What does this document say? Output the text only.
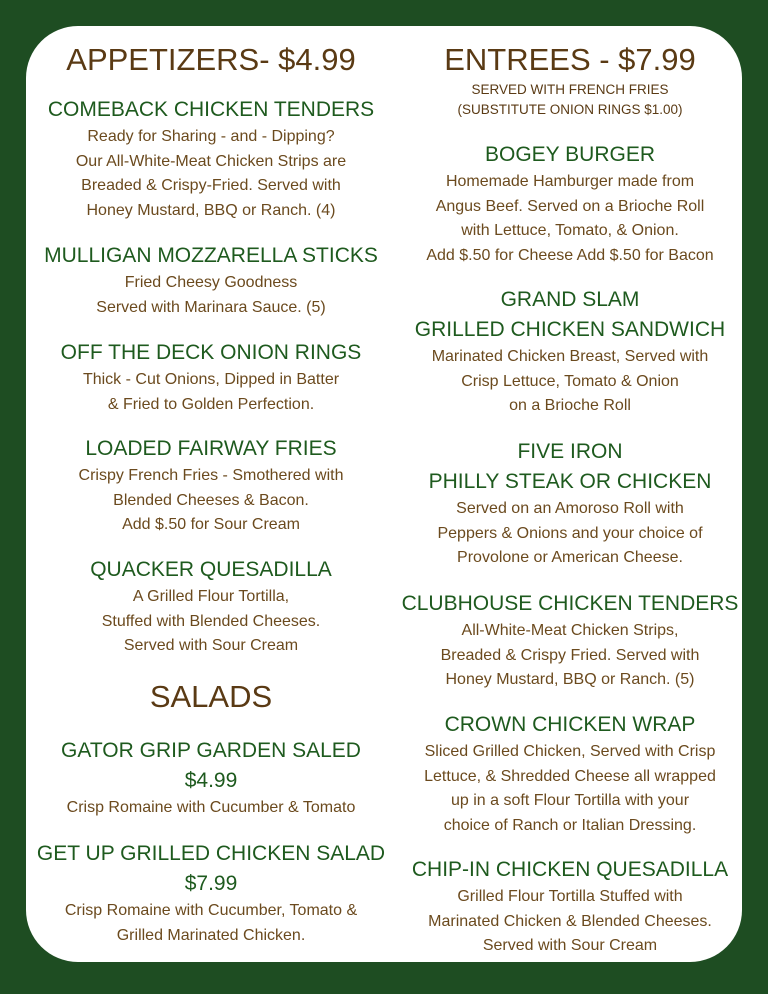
APPETIZERS- $4.99
COMEBACK CHICKEN TENDERS
Ready for Sharing - and - Dipping?
Our All-White-Meat Chicken Strips are
Breaded & Crispy-Fried. Served with
Honey Mustard, BBQ or Ranch. (4)
MULLIGAN MOZZARELLA STICKS
Fried Cheesy Goodness
Served with Marinara Sauce. (5)
OFF THE DECK ONION RINGS
Thick - Cut Onions, Dipped in Batter
& Fried to Golden Perfection.
LOADED FAIRWAY FRIES
Crispy French Fries - Smothered with
Blended Cheeses & Bacon.
Add $.50 for Sour Cream
QUACKER QUESADILLA
A Grilled Flour Tortilla,
Stuffed with Blended Cheeses.
Served with Sour Cream
SALADS
GATOR GRIP GARDEN SALED
$4.99
Crisp Romaine with Cucumber & Tomato
GET UP GRILLED CHICKEN SALAD
$7.99
Crisp Romaine with Cucumber, Tomato &
Grilled Marinated Chicken.
ENTREES - $7.99
SERVED WITH FRENCH FRIES
(SUBSTITUTE ONION RINGS $1.00)
BOGEY BURGER
Homemade Hamburger made from
Angus Beef. Served on a Brioche Roll
with Lettuce, Tomato, & Onion.
Add $.50 for Cheese Add $.50 for Bacon
GRAND SLAM
GRILLED CHICKEN SANDWICH
Marinated Chicken Breast, Served with
Crisp Lettuce, Tomato & Onion
on a Brioche Roll
FIVE IRON
PHILLY STEAK OR CHICKEN
Served on an Amoroso Roll with
Peppers & Onions and your choice of
Provolone or American Cheese.
CLUBHOUSE CHICKEN TENDERS
All-White-Meat Chicken Strips,
Breaded & Crispy Fried. Served with
Honey Mustard, BBQ or Ranch. (5)
CROWN CHICKEN WRAP
Sliced Grilled Chicken, Served with Crisp
Lettuce, & Shredded Cheese all wrapped
up in a soft Flour Tortilla with your
choice of Ranch or Italian Dressing.
CHIP-IN CHICKEN QUESADILLA
Grilled Flour Tortilla Stuffed with
Marinated Chicken & Blended Cheeses.
Served with Sour Cream
